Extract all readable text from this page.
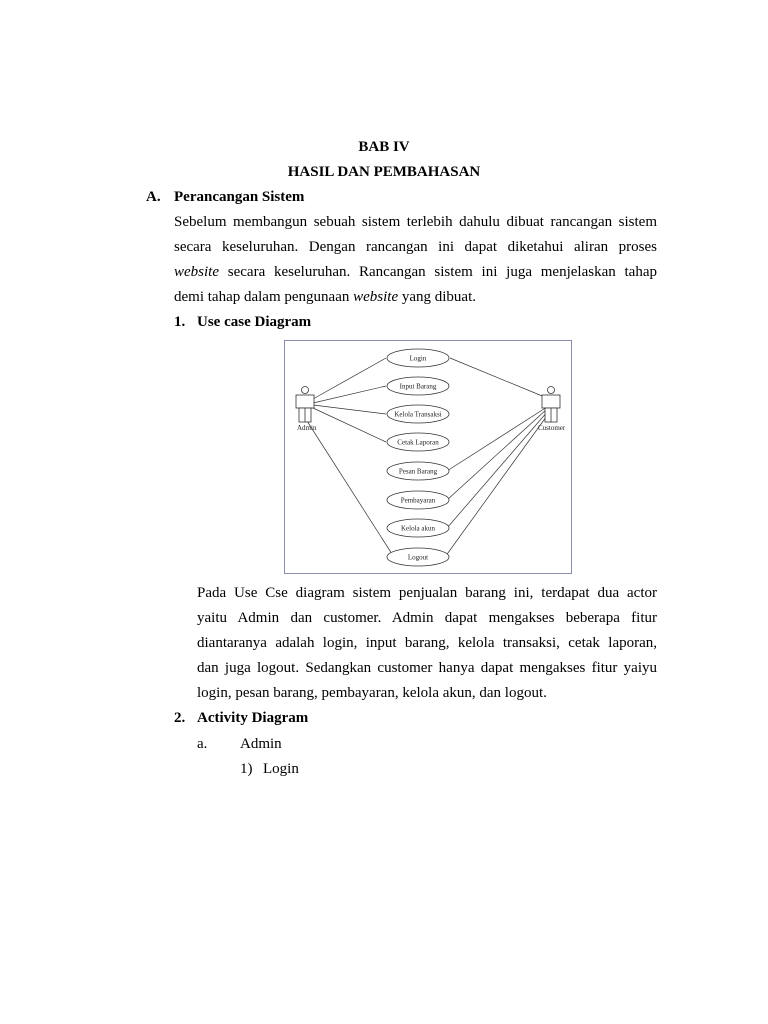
BAB IV
HASIL DAN PEMBAHASAN
A. Perancangan Sistem
Sebelum membangun sebuah sistem terlebih dahulu dibuat rancangan sistem
secara keseluruhan. Dengan rancangan ini dapat diketahui aliran proses
website secara keseluruhan. Rancangan sistem ini juga menjelaskan tahap
demi tahap dalam pengunaan website yang dibuat.
1. Use case Diagram
Admin	Customer
Login
Input Barang
Kelola Transaksi
Cetak Laporan
Pesan Barang
Pembayaran
Kelola akun
Logout
Pada Use Cse diagram sistem penjualan barang ini, terdapat dua actor
yaitu Admin dan customer. Admin dapat mengakses beberapa fitur
diantaranya adalah login, input barang, kelola transaksi, cetak laporan,
dan juga logout. Sedangkan customer hanya dapat mengakses fitur yaiyu
login, pesan barang, pembayaran, kelola akun, dan logout.
2. Activity Diagram
a. Admin
1) Login
